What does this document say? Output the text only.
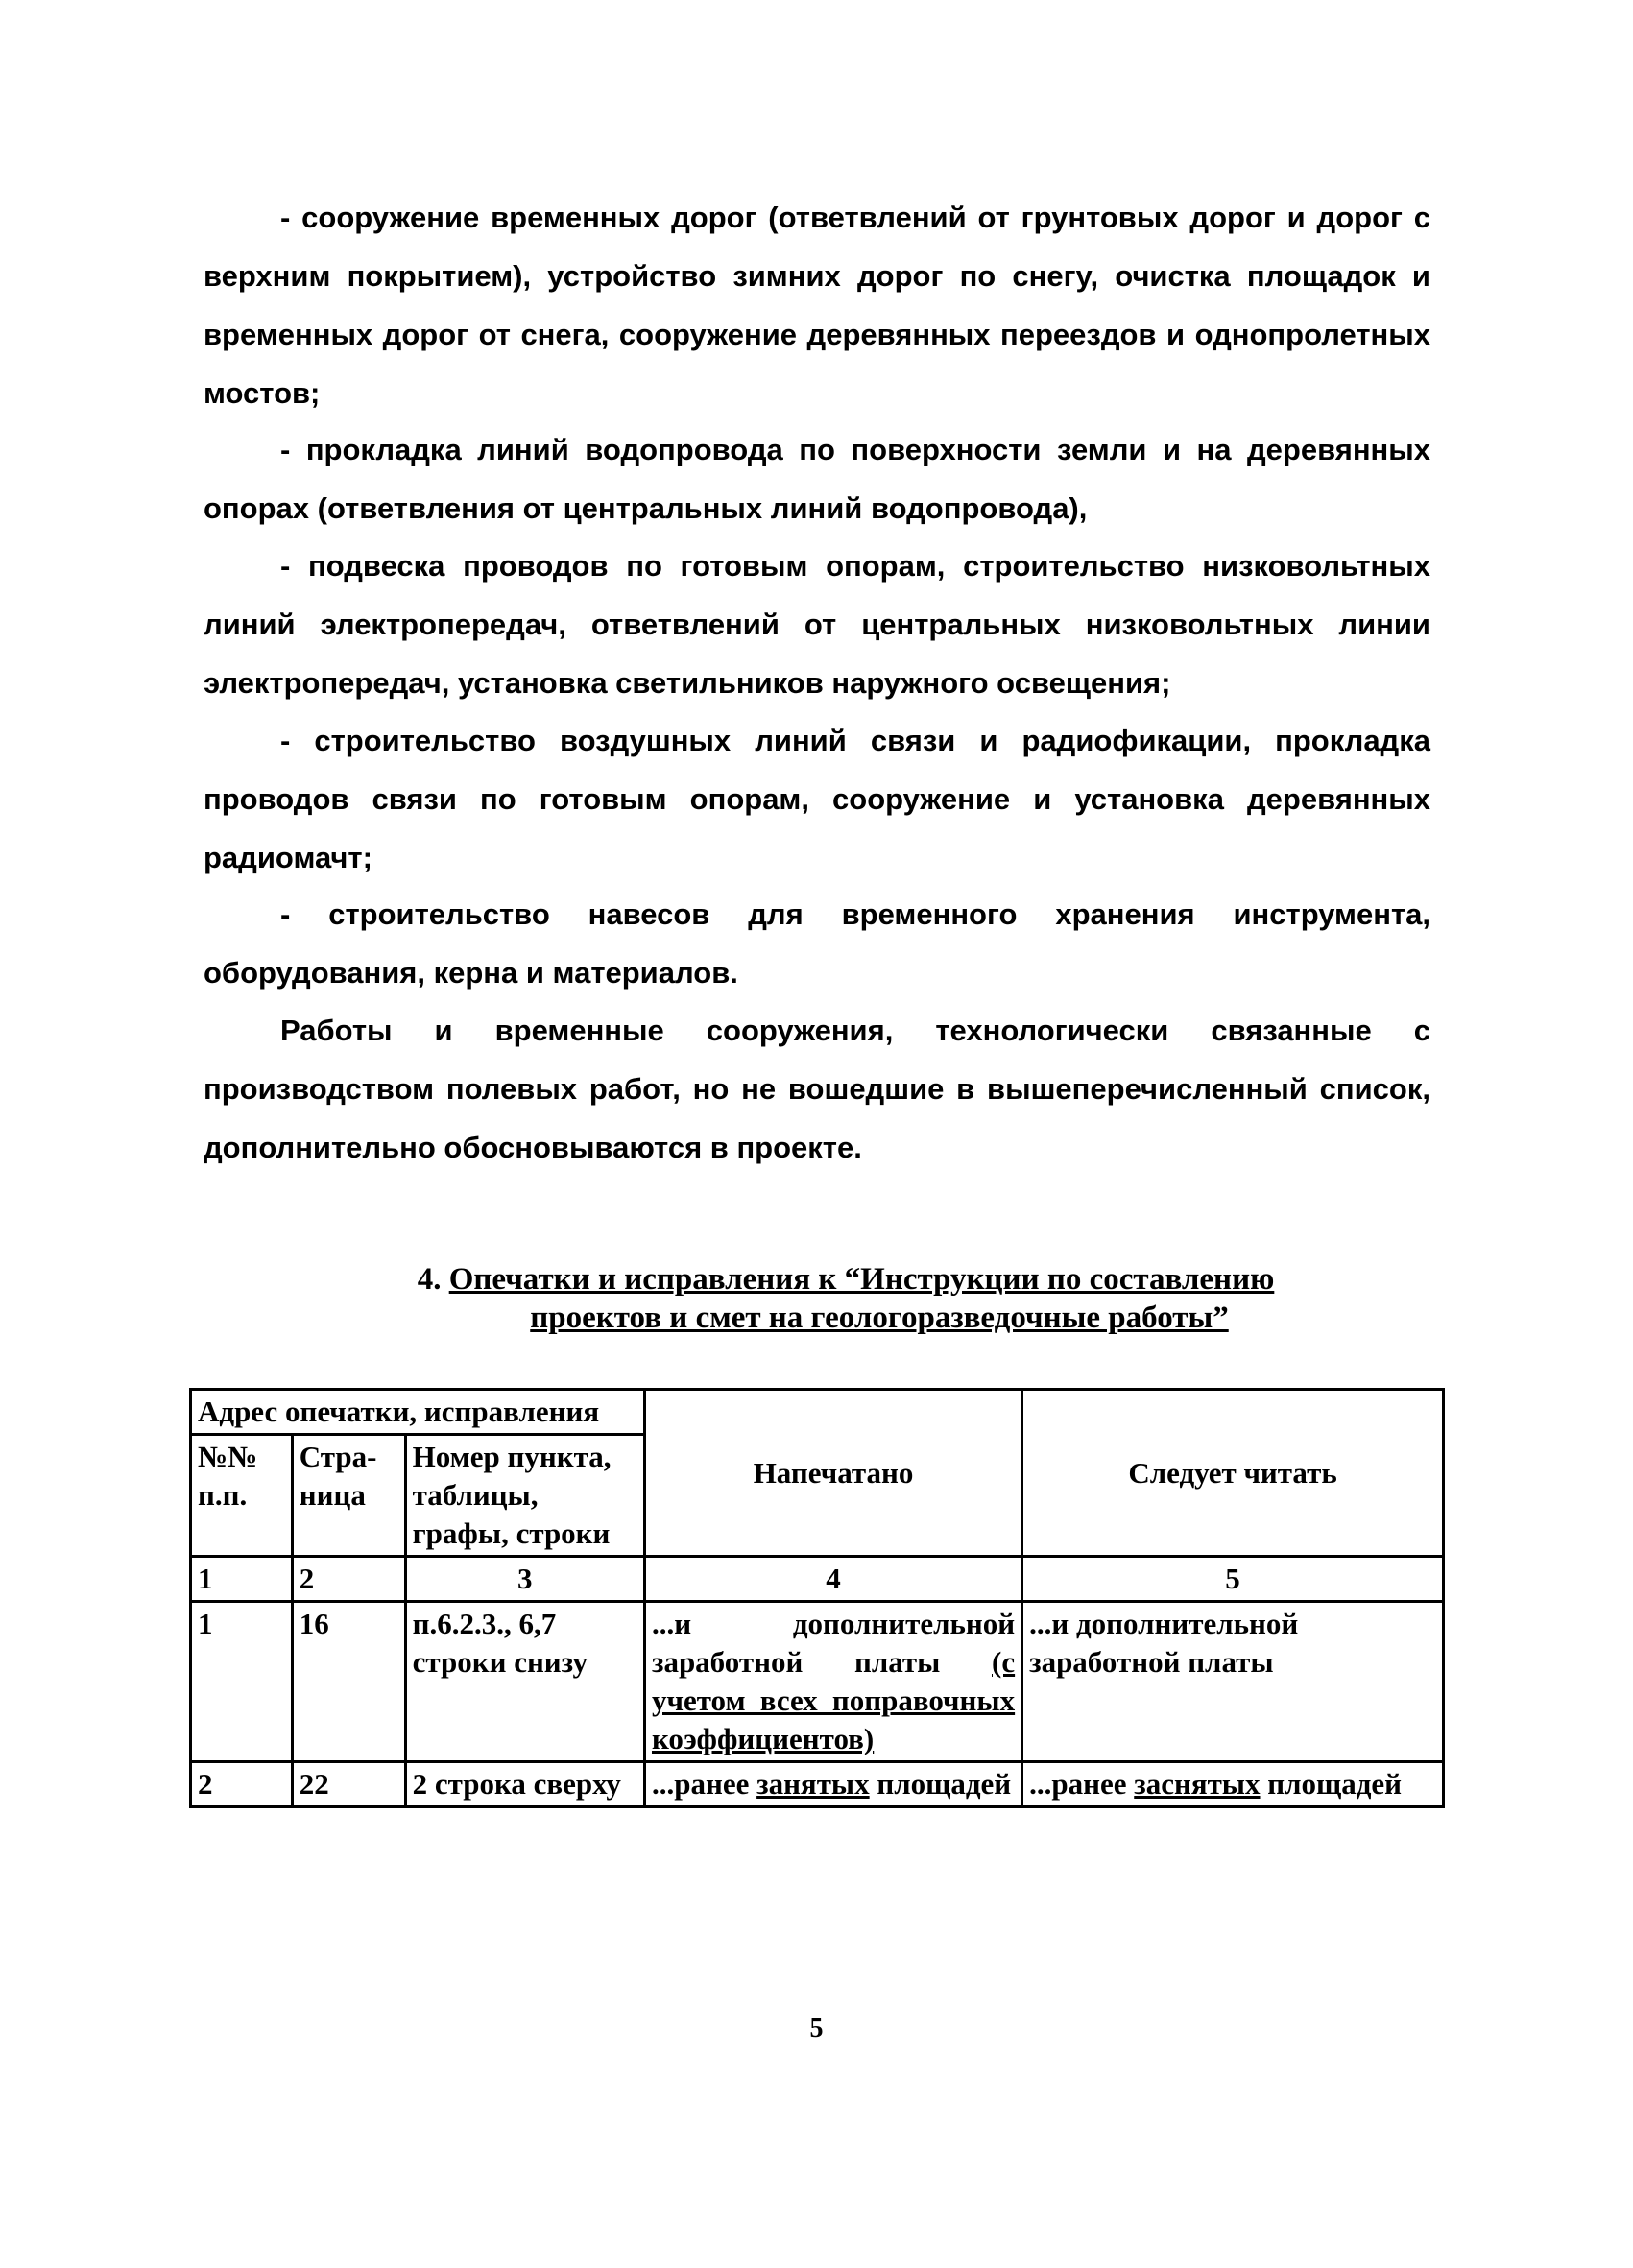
- сооружение временных дорог (ответвлений от грунтовых дорог и дорог с верхним покрытием), устройство зимних дорог по снегу, очистка площадок и временных дорог от снега, сооружение деревянных переездов и однопролетных мостов;

- прокладка линий водопровода по поверхности земли и на деревянных опорах (ответвления от центральных линий водопровода),

- подвеска проводов по готовым опорам, строительство низковольтных линий электропередач, ответвлений от центральных низковольтных линии электропередач, установка светильников наружного освещения;

- строительство воздушных линий связи и радиофикации, прокладка проводов связи по готовым опорам, сооружение и установка деревянных радиомачт;

- строительство навесов для временного хранения инструмента, оборудования, керна и материалов.

Работы и временные сооружения, технологически связанные с производством полевых работ, но не вошедшие в вышеперечисленный список, дополнительно обосновываются в проекте.

4. Опечатки и исправления к “Инструкции по составлению

проектов и смет на геологоразведочные работы”

Адрес опечатки, исправления			Напечатано	Следует читать
№№ п.п.	Стра-ница	Номер пункта, таблицы, графы, строки		
1	2	3	4	5
1	16	п.6.2.3., 6,7 строки снизу	...и дополнительной заработной платы (с учетом всех поправочных коэффициентов)	...и дополнительной заработной платы
2	22	2 строка сверху	...ранее занятых площадей	...ранее заснятых площадей

5
